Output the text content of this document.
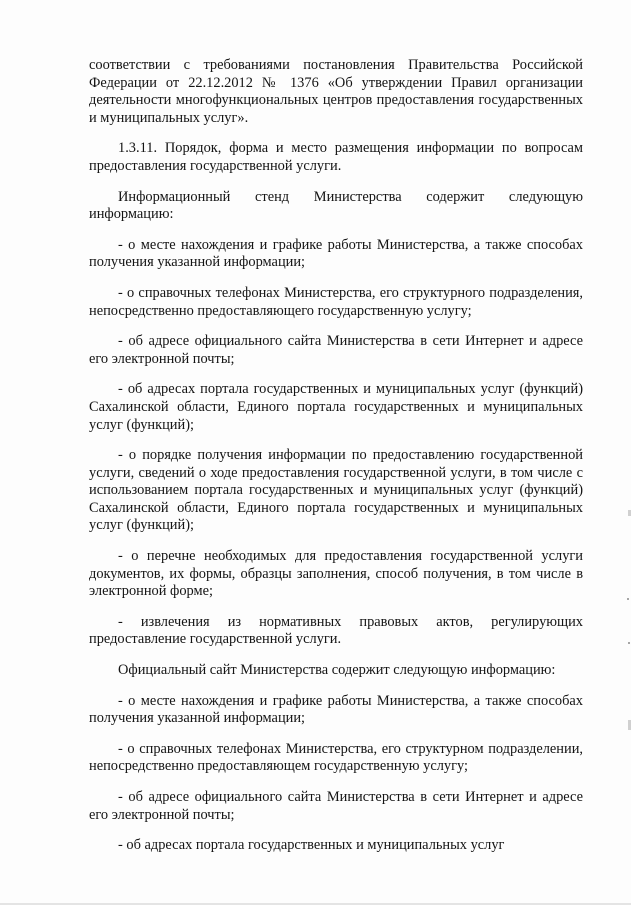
соответствии с требованиями постановления Правительства Российской Федерации от 22.12.2012 № 1376 «Об утверждении Правил организации деятельности многофункциональных центров предоставления государственных и муниципальных услуг».

1.3.11. Порядок, форма и место размещения информации по вопросам предоставления государственной услуги.

Информационный стенд Министерства содержит следующую информацию:

- о месте нахождения и графике работы Министерства, а также способах получения указанной информации;

- о справочных телефонах Министерства, его структурного подразделения, непосредственно предоставляющего государственную услугу;

- об адресе официального сайта Министерства в сети Интернет и адресе его электронной почты;

- об адресах портала государственных и муниципальных услуг (функций) Сахалинской области, Единого портала государственных и муниципальных услуг (функций);

- о порядке получения информации по предоставлению государственной услуги, сведений о ходе предоставления государственной услуги, в том числе с использованием портала государственных и муниципальных услуг (функций) Сахалинской области, Единого портала государственных и муниципальных услуг (функций);

- о перечне необходимых для предоставления государственной услуги документов, их формы, образцы заполнения, способ получения, в том числе в электронной форме;

- извлечения из нормативных правовых актов, регулирующих предоставление государственной услуги.

Официальный сайт Министерства содержит следующую информацию:

- о месте нахождения и графике работы Министерства, а также способах получения указанной информации;

- о справочных телефонах Министерства, его структурном подразделении, непосредственно предоставляющем государственную услугу;

- об адресе официального сайта Министерства в сети Интернет и адресе его электронной почты;

- об адресах портала государственных и муниципальных услуг
